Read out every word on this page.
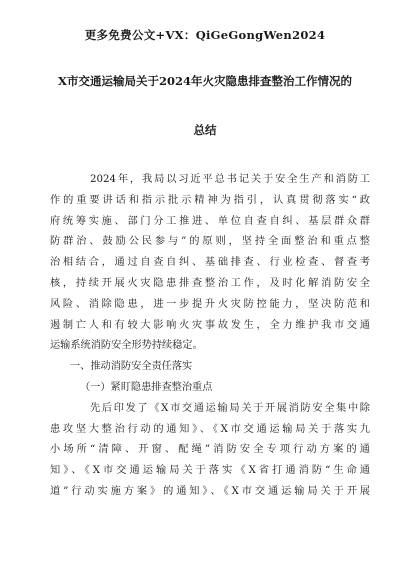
更多免费公文+VX：QiGeGongWen2024
X市交通运输局关于2024年火灾隐患排查整治工作情况的
总结

2024年，我局以习近平总书记关于安全生产和消防工
作的重要讲话和指示批示精神为指引，认真贯彻落实“政
府统筹实施、部门分工推进、单位自查自纠、基层群众群
防群治、鼓励公民参与”的原则，坚持全面整治和重点整
治相结合，通过自查自纠、基础排查、行业检查、督查考
核，持续开展火灾隐患排查整治工作，及时化解消防安全
风险、消除隐患，进一步提升火灾防控能力，坚决防范和
遏制亡人和有较大影响火灾事故发生，全力维护我市交通
运输系统消防安全形势持续稳定。

一、推动消防安全责任落实

（一）紧盯隐患排查整治重点

先后印发了《X市交通运输局关于开展消防安全集中除
患攻坚大整治行动的通知》、《X市交通运输局关于落实九
小场所“清障、开窗、配绳”消防安全专项行动方案的通
知》、《X市交通运输局关于落实《X省打通消防“生命通
道”行动实施方案》的通知》、《X市交通运输局关于开展
